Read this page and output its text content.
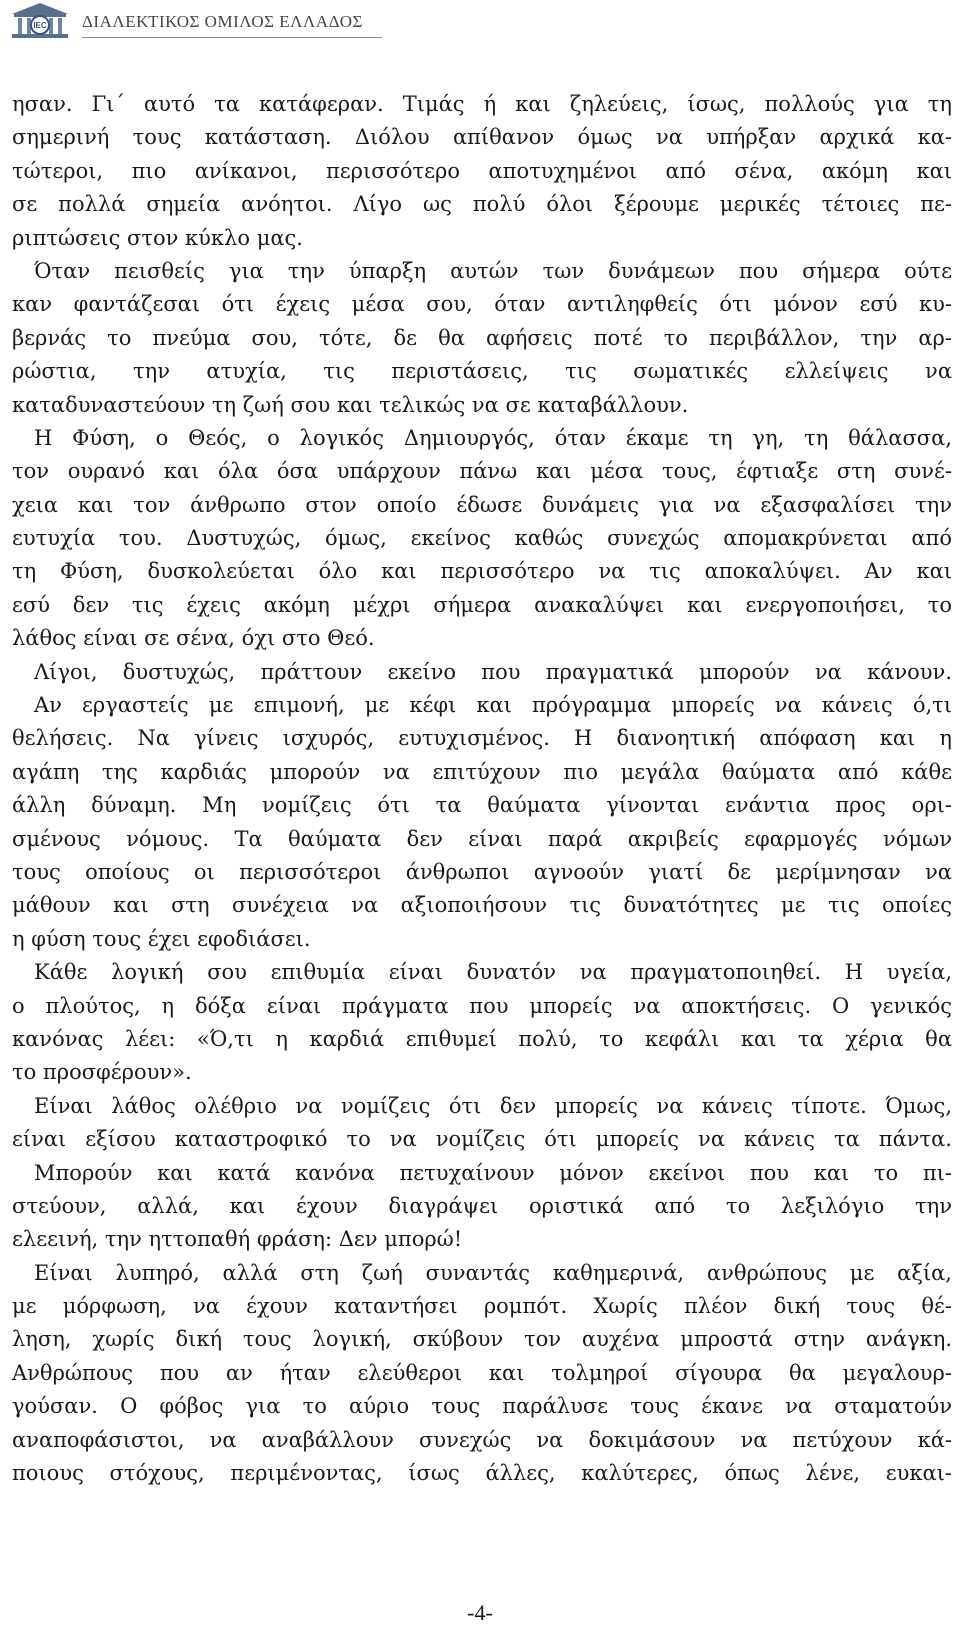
IEC ΔΙΑΛΕΚΤΙΚΟΣ ΟΜΙΛΟΣ ΕΛΛΑΔΟΣ
ησαν. Γι΄ αυτό τα κατάφεραν. Τιμάς ή και ζηλεύεις, ίσως, πολλούς για τη
σημερινή τους κατάσταση. Διόλου απίθανον όμως να υπήρξαν αρχικά κα-
τώτεροι, πιο ανίκανοι, περισσότερο αποτυχημένοι από σένα, ακόμη και
σε πολλά σημεία ανόητοι. Λίγο ως πολύ όλοι ξέρουμε μερικές τέτοιες πε-
ριπτώσεις στον κύκλο μας.
Όταν πεισθείς για την ύπαρξη αυτών των δυνάμεων που σήμερα ούτε
καν φαντάζεσαι ότι έχεις μέσα σου, όταν αντιληφθείς ότι μόνον εσύ κυ-
βερνάς το πνεύμα σου, τότε, δε θα αφήσεις ποτέ το περιβάλλον, την αρ-
ρώστια, την ατυχία, τις περιστάσεις, τις σωματικές ελλείψεις να
καταδυναστεύουν τη ζωή σου και τελικώς να σε καταβάλλουν.
Η Φύση, ο Θεός, ο λογικός Δημιουργός, όταν έκαμε τη γη, τη θάλασσα,
τον ουρανό και όλα όσα υπάρχουν πάνω και μέσα τους, έφτιαξε στη συνέ-
χεια και τον άνθρωπο στον οποίο έδωσε δυνάμεις για να εξασφαλίσει την
ευτυχία του. Δυστυχώς, όμως, εκείνος καθώς συνεχώς απομακρύνεται από
τη Φύση, δυσκολεύεται όλο και περισσότερο να τις αποκαλύψει. Αν και
εσύ δεν τις έχεις ακόμη μέχρι σήμερα ανακαλύψει και ενεργοποιήσει, το
λάθος είναι σε σένα, όχι στο Θεό.
Λίγοι, δυστυχώς, πράττουν εκείνο που πραγματικά μπορούν να κάνουν.
Αν εργαστείς με επιμονή, με κέφι και πρόγραμμα μπορείς να κάνεις ό,τι
θελήσεις. Να γίνεις ισχυρός, ευτυχισμένος. Η διανοητική απόφαση και η
αγάπη της καρδιάς μπορούν να επιτύχουν πιο μεγάλα θαύματα από κάθε
άλλη δύναμη. Μη νομίζεις ότι τα θαύματα γίνονται ενάντια προς ορι-
σμένους νόμους. Τα θαύματα δεν είναι παρά ακριβείς εφαρμογές νόμων
τους οποίους οι περισσότεροι άνθρωποι αγνοούν γιατί δε μερίμνησαν να
μάθουν και στη συνέχεια να αξιοποιήσουν τις δυνατότητες με τις οποίες
η φύση τους έχει εφοδιάσει.
Κάθε λογική σου επιθυμία είναι δυνατόν να πραγματοποιηθεί. Η υγεία,
ο πλούτος, η δόξα είναι πράγματα που μπορείς να αποκτήσεις. Ο γενικός
κανόνας λέει: «Ό,τι η καρδιά επιθυμεί πολύ, το κεφάλι και τα χέρια θα
το προσφέρουν».
Είναι λάθος ολέθριο να νομίζεις ότι δεν μπορείς να κάνεις τίποτε. Όμως,
είναι εξίσου καταστροφικό το να νομίζεις ότι μπορείς να κάνεις τα πάντα.
Μπορούν και κατά κανόνα πετυχαίνουν μόνον εκείνοι που και το πι-
στεύουν, αλλά, και έχουν διαγράψει οριστικά από το λεξιλόγιο την
ελεεινή, την ηττοπαθή φράση: Δεν μπορώ!
Είναι λυπηρό, αλλά στη ζωή συναντάς καθημερινά, ανθρώπους με αξία,
με μόρφωση, να έχουν καταντήσει ρομπότ. Χωρίς πλέον δική τους θέ-
ληση, χωρίς δική τους λογική, σκύβουν τον αυχένα μπροστά στην ανάγκη.
Ανθρώπους που αν ήταν ελεύθεροι και τολμηροί σίγουρα θα μεγαλουρ-
γούσαν. Ο φόβος για το αύριο τους παράλυσε τους έκανε να σταματούν
αναποφάσιστοι, να αναβάλλουν συνεχώς να δοκιμάσουν να πετύχουν κά-
ποιους στόχους, περιμένοντας, ίσως άλλες, καλύτερες, όπως λένε, ευκαι-
-4-
